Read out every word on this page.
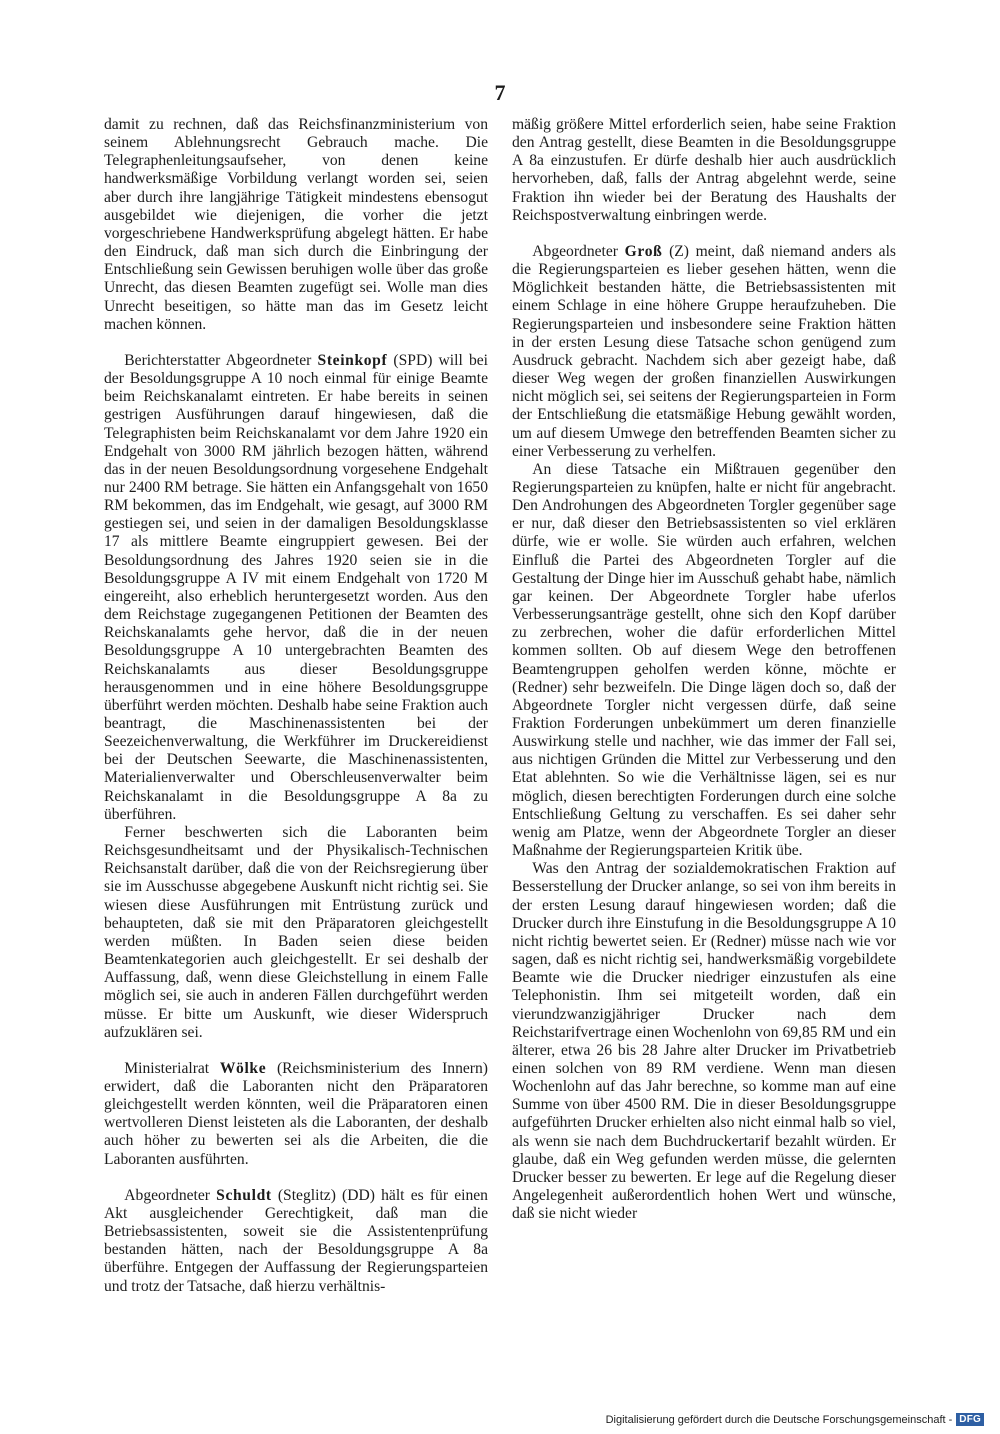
7

damit zu rechnen, daß das Reichsfinanzministerium von seinem Ablehnungsrecht Gebrauch mache. Die Telegraphenleitungsaufseher, von denen keine handwerksmäßige Vorbildung verlangt worden sei, seien aber durch ihre langjährige Tätigkeit mindestens ebensogut ausgebildet wie diejenigen, die vorher die jetzt vorgeschriebene Handwerksprüfung abgelegt hätten. Er habe den Eindruck, daß man sich durch die Einbringung der Entschließung sein Gewissen beruhigen wolle über das große Unrecht, das diesen Beamten zugefügt sei. Wolle man dies Unrecht beseitigen, so hätte man das im Gesetz leicht machen können.

Berichterstatter Abgeordneter Steinkopf (SPD) will bei der Besoldungsgruppe A 10 noch einmal für einige Beamte beim Reichskanalamt eintreten. Er habe bereits in seinen gestrigen Ausführungen darauf hingewiesen, daß die Telegraphisten beim Reichskanalamt vor dem Jahre 1920 ein Endgehalt von 3000 RM jährlich bezogen hätten, während das in der neuen Besoldungsordnung vorgesehene Endgehalt nur 2400 RM betrage. Sie hätten ein Anfangsgehalt von 1650 RM bekommen, das im Endgehalt, wie gesagt, auf 3000 RM gestiegen sei, und seien in der damaligen Besoldungsklasse 17 als mittlere Beamte eingruppiert gewesen. Bei der Besoldungsordnung des Jahres 1920 seien sie in die Besoldungsgruppe A IV mit einem Endgehalt von 1720 M eingereiht, also erheblich heruntergesetzt worden. Aus den dem Reichstage zugegangenen Petitionen der Beamten des Reichskanalamts gehe hervor, daß die in der neuen Besoldungsgruppe A 10 untergebrachten Beamten des Reichskanalamts aus dieser Besoldungsgruppe herausgenommen und in eine höhere Besoldungsgruppe überführt werden möchten. Deshalb habe seine Fraktion auch beantragt, die Maschinenassistenten bei der Seezeichenverwaltung, die Werkführer im Druckereidienst bei der Deutschen Seewarte, die Maschinenassistenten, Materialienverwalter und Oberschleusenverwalter beim Reichskanalamt in die Besoldungsgruppe A 8a zu überführen.

Ferner beschwerten sich die Laboranten beim Reichsgesundheitsamt und der Physikalisch-Technischen Reichsanstalt darüber, daß die von der Reichsregierung über sie im Ausschusse abgegebene Auskunft nicht richtig sei. Sie wiesen diese Ausführungen mit Entrüstung zurück und behaupteten, daß sie mit den Präparatoren gleichgestellt werden müßten. In Baden seien diese beiden Beamtenkategorien auch gleichgestellt. Er sei deshalb der Auffassung, daß, wenn diese Gleichstellung in einem Falle möglich sei, sie auch in anderen Fällen durchgeführt werden müsse. Er bitte um Auskunft, wie dieser Widerspruch aufzuklären sei.

Ministerialrat Wölke (Reichsministerium des Innern) erwidert, daß die Laboranten nicht den Präparatoren gleichgestellt werden könnten, weil die Präparatoren einen wertvolleren Dienst leisteten als die Laboranten, der deshalb auch höher zu bewerten sei als die Arbeiten, die die Laboranten ausführten.

Abgeordneter Schuldt (Steglitz) (DD) hält es für einen Akt ausgleichender Gerechtigkeit, daß man die Betriebsassistenten, soweit sie die Assistentenprüfung bestanden hätten, nach der Besoldungsgruppe A 8a überführe. Entgegen der Auffassung der Regierungsparteien und trotz der Tatsache, daß hierzu verhältnis-

mäßig größere Mittel erforderlich seien, habe seine Fraktion den Antrag gestellt, diese Beamten in die Besoldungsgruppe A 8a einzustufen. Er dürfe deshalb hier auch ausdrücklich hervorheben, daß, falls der Antrag abgelehnt werde, seine Fraktion ihn wieder bei der Beratung des Haushalts der Reichspostverwaltung einbringen werde.

Abgeordneter Groß (Z) meint, daß niemand anders als die Regierungsparteien es lieber gesehen hätten, wenn die Möglichkeit bestanden hätte, die Betriebsassistenten mit einem Schlage in eine höhere Gruppe heraufzuheben. Die Regierungsparteien und insbesondere seine Fraktion hätten in der ersten Lesung diese Tatsache schon genügend zum Ausdruck gebracht. Nachdem sich aber gezeigt habe, daß dieser Weg wegen der großen finanziellen Auswirkungen nicht möglich sei, sei seitens der Regierungsparteien in Form der Entschließung die etatsmäßige Hebung gewählt worden, um auf diesem Umwege den betreffenden Beamten sicher zu einer Verbesserung zu verhelfen.

An diese Tatsache ein Mißtrauen gegenüber den Regierungsparteien zu knüpfen, halte er nicht für angebracht. Den Androhungen des Abgeordneten Torgler gegenüber sage er nur, daß dieser den Betriebsassistenten so viel erklären dürfe, wie er wolle. Sie würden auch erfahren, welchen Einfluß die Partei des Abgeordneten Torgler auf die Gestaltung der Dinge hier im Ausschuß gehabt habe, nämlich gar keinen. Der Abgeordnete Torgler habe uferlos Verbesserungsanträge gestellt, ohne sich den Kopf darüber zu zerbrechen, woher die dafür erforderlichen Mittel kommen sollten. Ob auf diesem Wege den betroffenen Beamtengruppen geholfen werden könne, möchte er (Redner) sehr bezweifeln. Die Dinge lägen doch so, daß der Abgeordnete Torgler nicht vergessen dürfe, daß seine Fraktion Forderungen unbekümmert um deren finanzielle Auswirkung stelle und nachher, wie das immer der Fall sei, aus nichtigen Gründen die Mittel zur Verbesserung und den Etat ablehnten. So wie die Verhältnisse lägen, sei es nur möglich, diesen berechtigten Forderungen durch eine solche Entschließung Geltung zu verschaffen. Es sei daher sehr wenig am Platze, wenn der Abgeordnete Torgler an dieser Maßnahme der Regierungsparteien Kritik übe.

Was den Antrag der sozialdemokratischen Fraktion auf Besserstellung der Drucker anlange, so sei von ihm bereits in der ersten Lesung darauf hingewiesen worden; daß die Drucker durch ihre Einstufung in die Besoldungsgruppe A 10 nicht richtig bewertet seien. Er (Redner) müsse nach wie vor sagen, daß es nicht richtig sei, handwerksmäßig vorgebildete Beamte wie die Drucker niedriger einzustufen als eine Telephonistin. Ihm sei mitgeteilt worden, daß ein vierundzwanzigjähriger Drucker nach dem Reichstarifvertrage einen Wochenlohn von 69,85 RM und ein älterer, etwa 26 bis 28 Jahre alter Drucker im Privatbetrieb einen solchen von 89 RM verdiene. Wenn man diesen Wochenlohn auf das Jahr berechne, so komme man auf eine Summe von über 4500 RM. Die in dieser Besoldungsgruppe aufgeführten Drucker erhielten also nicht einmal halb so viel, als wenn sie nach dem Buchdruckertarif bezahlt würden. Er glaube, daß ein Weg gefunden werden müsse, die gelernten Drucker besser zu bewerten. Er lege auf die Regelung dieser Angelegenheit außerordentlich hohen Wert und wünsche, daß sie nicht wieder

Digitalisierung gefördert durch die Deutsche Forschungsgemeinschaft - DFG
